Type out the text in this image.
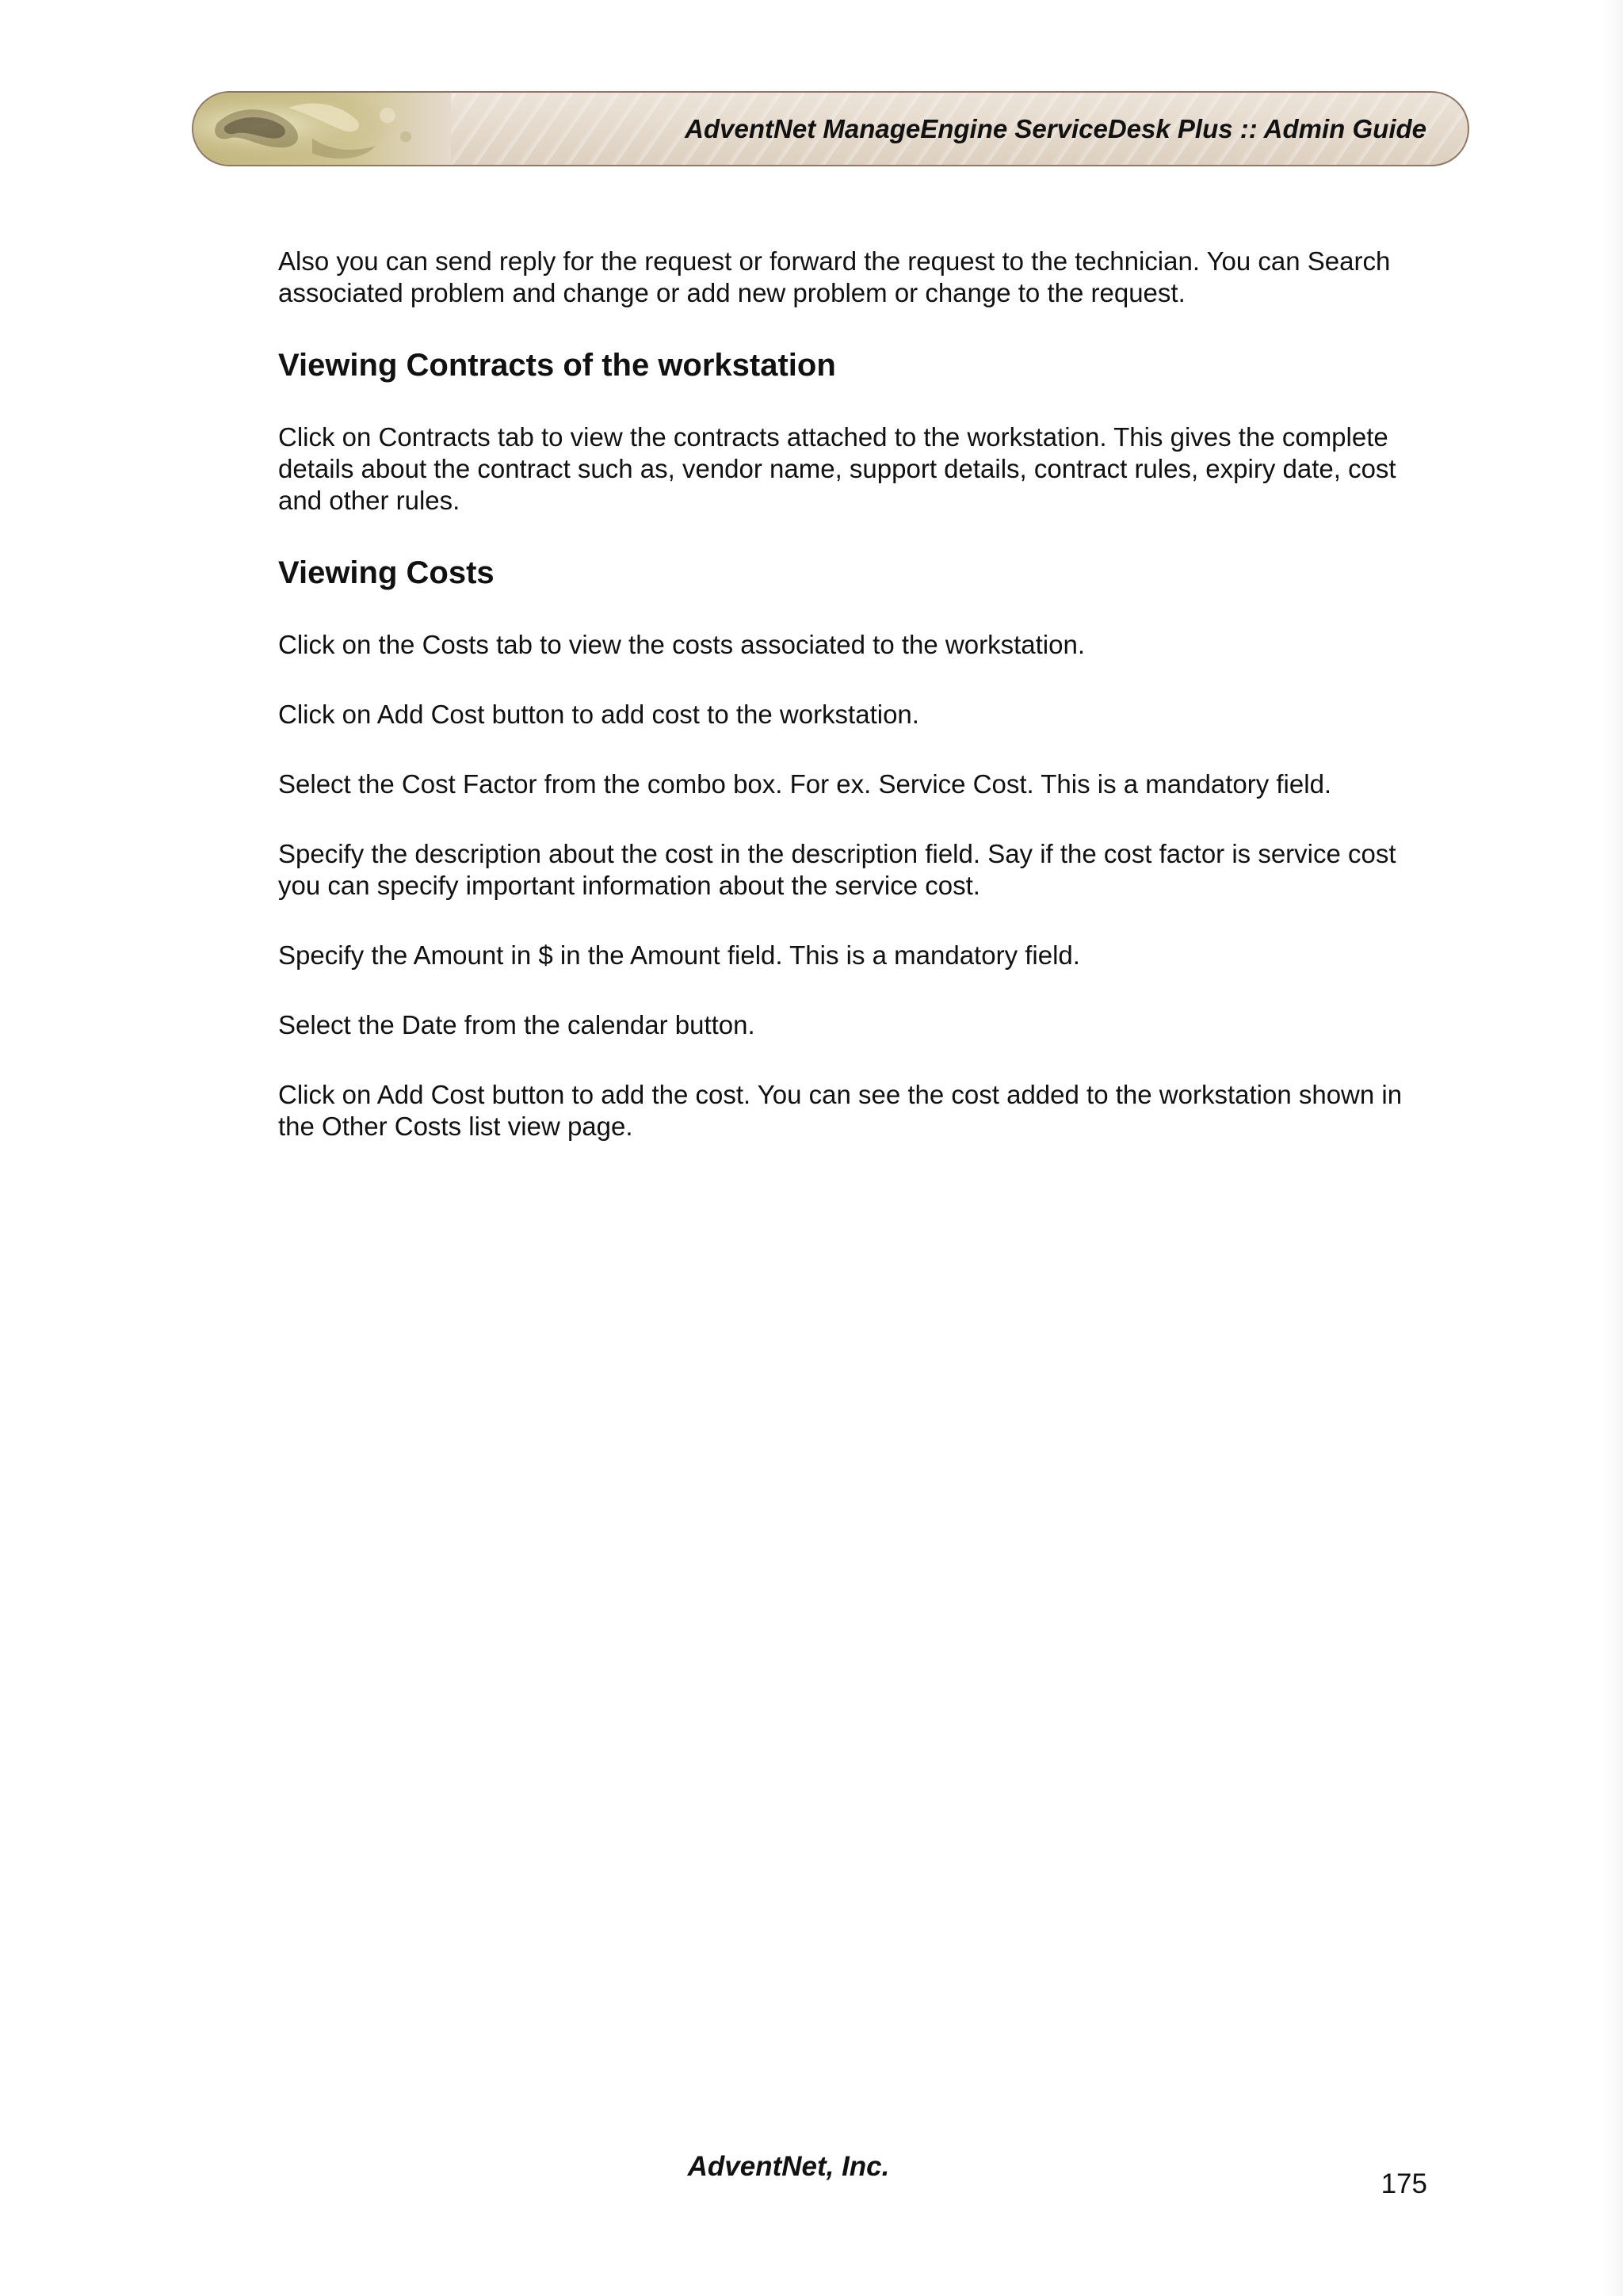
AdventNet ManageEngine ServiceDesk Plus :: Admin Guide

Also you can send reply for the request or forward the request to the technician. You can Search associated problem and change or add new problem or change to the request.

Viewing Contracts of the workstation

Click on Contracts tab to view the contracts attached to the workstation. This gives the complete details about the contract such as, vendor name, support details, contract rules, expiry date, cost and other rules.

Viewing Costs

Click on the Costs tab to view the costs associated to the workstation.

Click on Add Cost button to add cost to the workstation.

Select the Cost Factor from the combo box. For ex. Service Cost. This is a mandatory field.

Specify the description about the cost in the description field. Say if the cost factor is service cost you can specify important information about the service cost.

Specify the Amount in $ in the Amount field. This is a mandatory field.

Select the Date from the calendar button.

Click on Add Cost button to add the cost. You can see the cost added to the workstation shown in the Other Costs list view page.

AdventNet, Inc.
175
